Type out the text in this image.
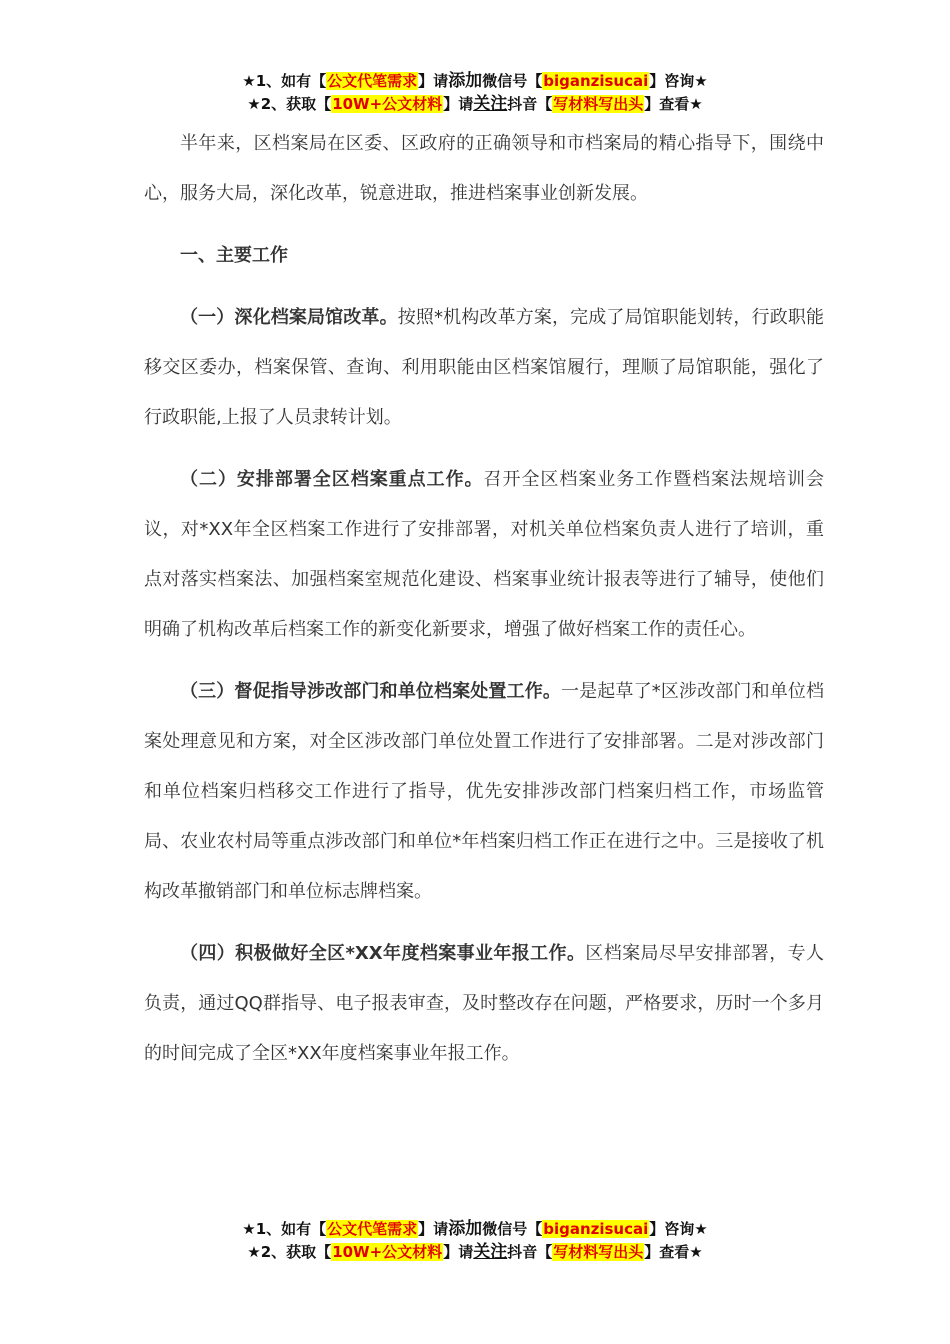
★1、如有【公文代笔需求】请添加微信号【biganzisucai】咨询★
★2、获取【10W+公文材料】请关注抖音【写材料写出头】查看★

半年来，区档案局在区委、区政府的正确领导和市档案局的精心指导下，围绕中心，服务大局，深化改革，锐意进取，推进档案事业创新发展。

一、主要工作

（一）深化档案局馆改革。按照*机构改革方案，完成了局馆职能划转，行政职能移交区委办，档案保管、查询、利用职能由区档案馆履行，理顺了局馆职能，强化了行政职能,上报了人员隶转计划。

（二）安排部署全区档案重点工作。召开全区档案业务工作暨档案法规培训会议，对*XX年全区档案工作进行了安排部署，对机关单位档案负责人进行了培训，重点对落实档案法、加强档案室规范化建设、档案事业统计报表等进行了辅导，使他们明确了机构改革后档案工作的新变化新要求，增强了做好档案工作的责任心。

（三）督促指导涉改部门和单位档案处置工作。一是起草了*区涉改部门和单位档案处理意见和方案，对全区涉改部门单位处置工作进行了安排部署。二是对涉改部门和单位档案归档移交工作进行了指导，优先安排涉改部门档案归档工作，市场监管局、农业农村局等重点涉改部门和单位*年档案归档工作正在进行之中。三是接收了机构改革撤销部门和单位标志牌档案。

（四）积极做好全区*XX年度档案事业年报工作。区档案局尽早安排部署，专人负责，通过QQ群指导、电子报表审查，及时整改存在问题，严格要求，历时一个多月的时间完成了全区*XX年度档案事业年报工作。

★1、如有【公文代笔需求】请添加微信号【biganzisucai】咨询★
★2、获取【10W+公文材料】请关注抖音【写材料写出头】查看★
